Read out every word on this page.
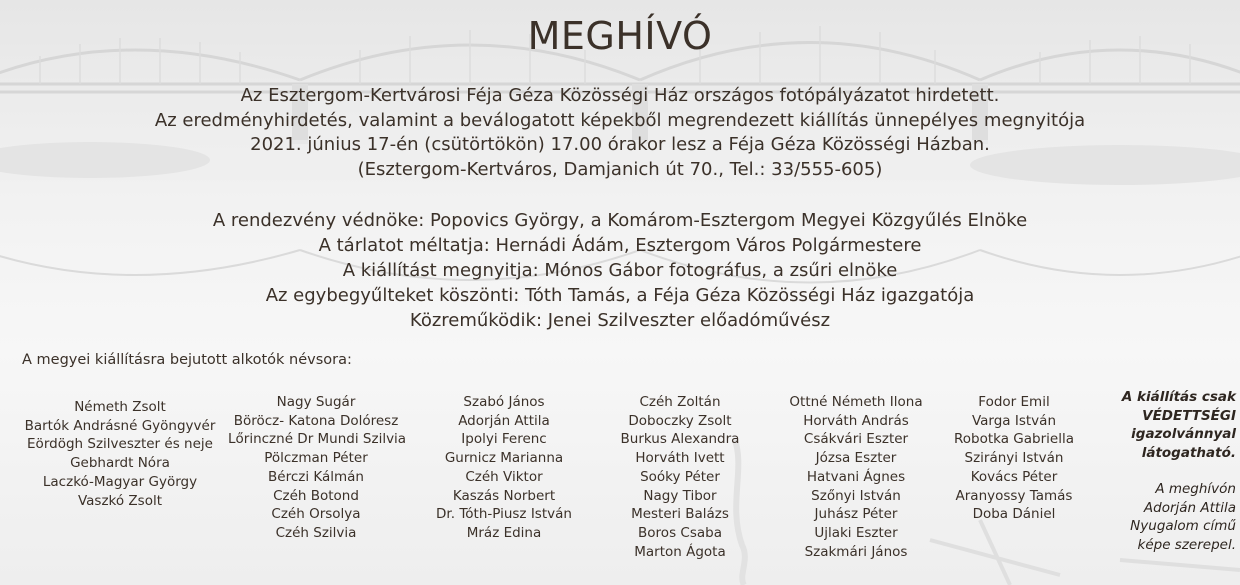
MEGHÍVÓ
Az Esztergom-Kertvárosi Féja Géza Közösségi Ház országos fotópályázatot hirdetett.
Az eredményhirdetés, valamint a beválogatott képekből megrendezett kiállítás ünnepélyes megnyitója
2021. június 17-én (csütörtökön) 17.00 órakor lesz a Féja Géza Közösségi Házban.
(Esztergom-Kertváros, Damjanich út 70., Tel.: 33/555-605)
A rendezvény védnöke: Popovics György, a Komárom-Esztergom Megyei Közgyűlés Elnöke
A tárlatot méltatja: Hernádi Ádám, Esztergom Város Polgármestere
A kiállítást megnyitja: Mónos Gábor fotográfus, a zsűri elnöke
Az egybegyűlteket köszönti: Tóth Tamás, a Féja Géza Közösségi Ház igazgatója
Közreműködik: Jenei Szilveszter előadóművész
A megyei kiállításra bejutott alkotók névsora:
Németh Zsolt
Bartók Andrásné Gyöngyvér
Eördögh Szilveszter és neje
Gebhardt Nóra
Laczkó-Magyar György
Vaszkó Zsolt
Nagy Sugár
Böröcz- Katona Dolóresz
Lőrinczné Dr Mundi Szilvia
Pölczman Péter
Bérczi Kálmán
Czéh Botond
Czéh Orsolya
Czéh Szilvia
Szabó János
Adorján Attila
Ipolyi Ferenc
Gurnicz Marianna
Czéh Viktor
Kaszás Norbert
Dr. Tóth-Piusz István
Mráz Edina
Czéh Zoltán
Doboczky Zsolt
Burkus Alexandra
Horváth Ivett
Soóky Péter
Nagy Tibor
Mesteri Balázs
Boros Csaba
Marton Ágota
Ottné Németh Ilona
Horváth András
Csákvári Eszter
Józsa Eszter
Hatvani Ágnes
Szőnyi István
Juhász Péter
Ujlaki Eszter
Szakmári János
Fodor Emil
Varga István
Robotka Gabriella
Szirányi István
Kovács Péter
Aranyossy Tamás
Doba Dániel
A kiállítás csak
VÉDETTSÉGI
igazolvánnyal
látogatható.
A meghívón
Adorján Attila
Nyugalom című
képe szerepel.
